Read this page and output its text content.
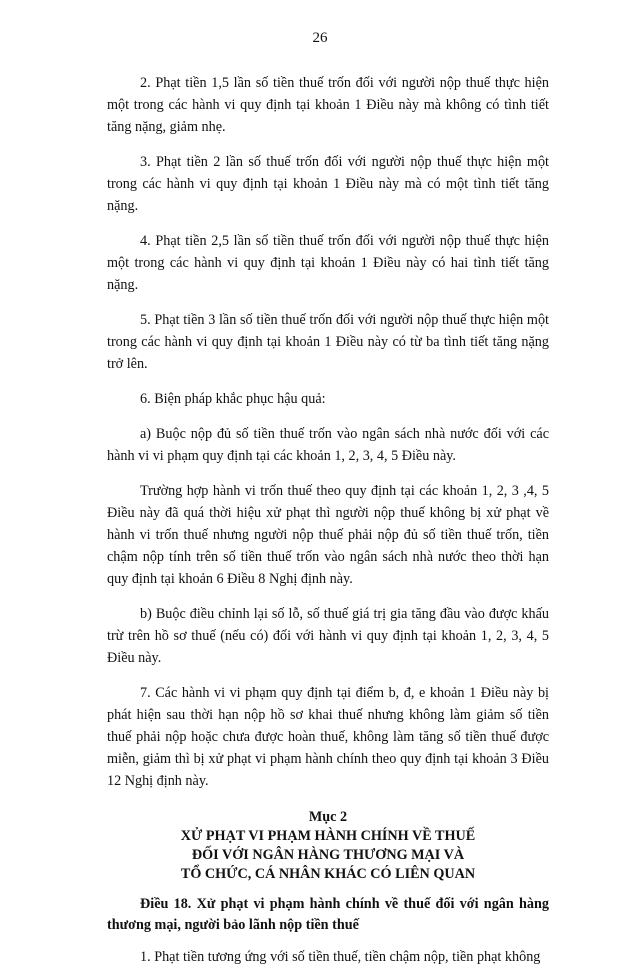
26

2. Phạt tiền 1,5 lần số tiền thuế trốn đối với người nộp thuế thực hiện một trong các hành vi quy định tại khoản 1 Điều này mà không có tình tiết tăng nặng, giảm nhẹ.

3. Phạt tiền 2 lần số thuế trốn đối với người nộp thuế thực hiện một trong các hành vi quy định tại khoản 1 Điều này mà có một tình tiết tăng nặng.

4. Phạt tiền 2,5 lần số tiền thuế trốn đối với người nộp thuế thực hiện một trong các hành vi quy định tại khoản 1 Điều này có hai tình tiết tăng nặng.

5. Phạt tiền 3 lần số tiền thuế trốn đối với người nộp thuế thực hiện một trong các hành vi quy định tại khoản 1 Điều này có từ ba tình tiết tăng nặng trở lên.

6. Biện pháp khắc phục hậu quả:

a) Buộc nộp đủ số tiền thuế trốn vào ngân sách nhà nước đối với các hành vi vi phạm quy định tại các khoản 1, 2, 3, 4, 5 Điều này.

Trường hợp hành vi trốn thuế theo quy định tại các khoản 1, 2, 3 ,4, 5 Điều này đã quá thời hiệu xử phạt thì người nộp thuế không bị xử phạt về hành vi trốn thuế nhưng người nộp thuế phải nộp đủ số tiền thuế trốn, tiền chậm nộp tính trên số tiền thuế trốn vào ngân sách nhà nước theo thời hạn quy định tại khoản 6 Điều 8 Nghị định này.

b) Buộc điều chỉnh lại số lỗ, số thuế giá trị gia tăng đầu vào được khấu trừ trên hồ sơ thuế (nếu có) đối với hành vi quy định tại khoản 1, 2, 3, 4, 5 Điều này.

7. Các hành vi vi phạm quy định tại điểm b, đ, e khoản 1 Điều này bị phát hiện sau thời hạn nộp hồ sơ khai thuế nhưng không làm giảm số tiền thuế phải nộp hoặc chưa được hoàn thuế, không làm tăng số tiền thuế được miễn, giảm thì bị xử phạt vi phạm hành chính theo quy định tại khoản 3 Điều 12 Nghị định này.

Mục 2
XỬ PHẠT VI PHẠM HÀNH CHÍNH VỀ THUẾ
ĐỐI VỚI NGÂN HÀNG THƯƠNG MẠI VÀ
TỔ CHỨC, CÁ NHÂN KHÁC CÓ LIÊN QUAN

Điều 18. Xử phạt vi phạm hành chính về thuế đối với ngân hàng thương mại, người bảo lãnh nộp tiền thuế

1. Phạt tiền tương ứng với số tiền thuế, tiền chậm nộp, tiền phạt không
